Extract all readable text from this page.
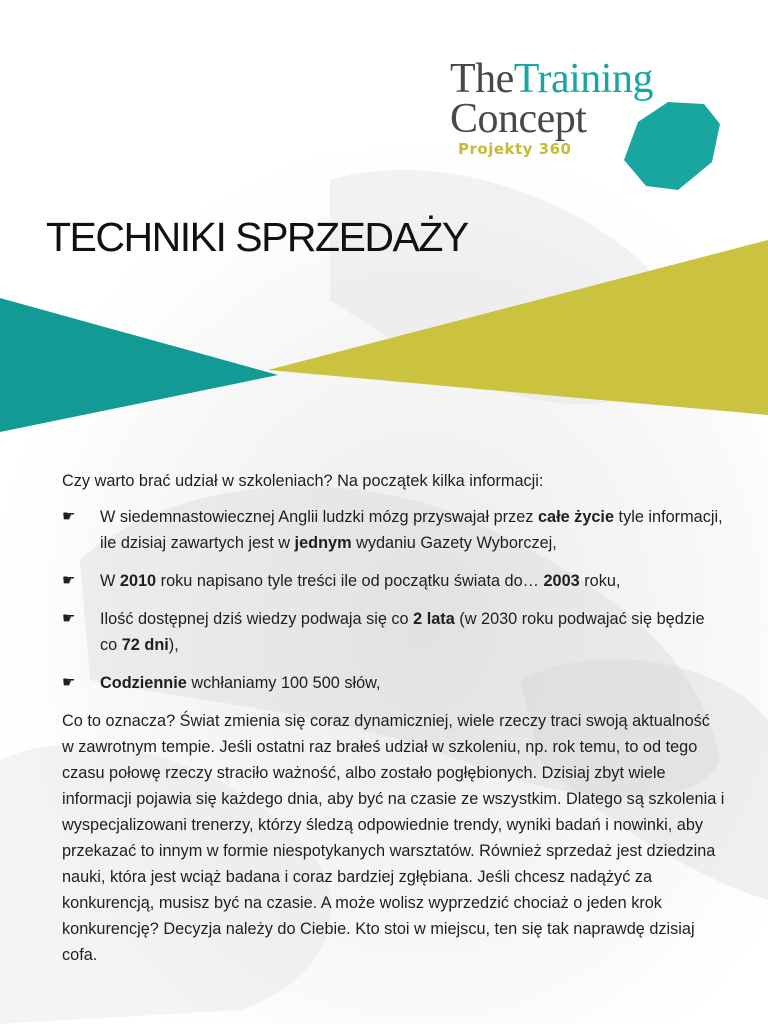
TheTraining
Concept
Projekty 360
TECHNIKI SPRZEDAŻY

Czy warto brać udział w szkoleniach? Na początek kilka informacji:

☛ W siedemnastowiecznej Anglii ludzki mózg przyswajał przez całe życie tyle informacji, ile dzisiaj zawartych jest w jednym wydaniu Gazety Wyborczej,
☛ W 2010 roku napisano tyle treści ile od początku świata do… 2003 roku,
☛ Ilość dostępnej dziś wiedzy podwaja się co 2 lata (w 2030 roku podwajać się będzie co 72 dni),
☛ Codziennie wchłaniamy 100 500 słów,

Co to oznacza? Świat zmienia się coraz dynamiczniej, wiele rzeczy traci swoją aktualność w zawrotnym tempie. Jeśli ostatni raz brałeś udział w szkoleniu, np. rok temu, to od tego czasu połowę rzeczy straciło ważność, albo zostało pogłębionych. Dzisiaj zbyt wiele informacji pojawia się każdego dnia, aby być na czasie ze wszystkim. Dlatego są szkolenia i wyspecjalizowani trenerzy, którzy śledzą odpowiednie trendy, wyniki badań i nowinki, aby przekazać to innym w formie niespotykanych warsztatów. Również sprzedaż jest dziedzina nauki, która jest wciąż badana i coraz bardziej zgłębiana. Jeśli chcesz nadążyć za konkurencją, musisz być na czasie. A może wolisz wyprzedzić chociaż o jeden krok konkurencję? Decyzja należy do Ciebie. Kto stoi w miejscu, ten się tak naprawdę dzisiaj cofa.
